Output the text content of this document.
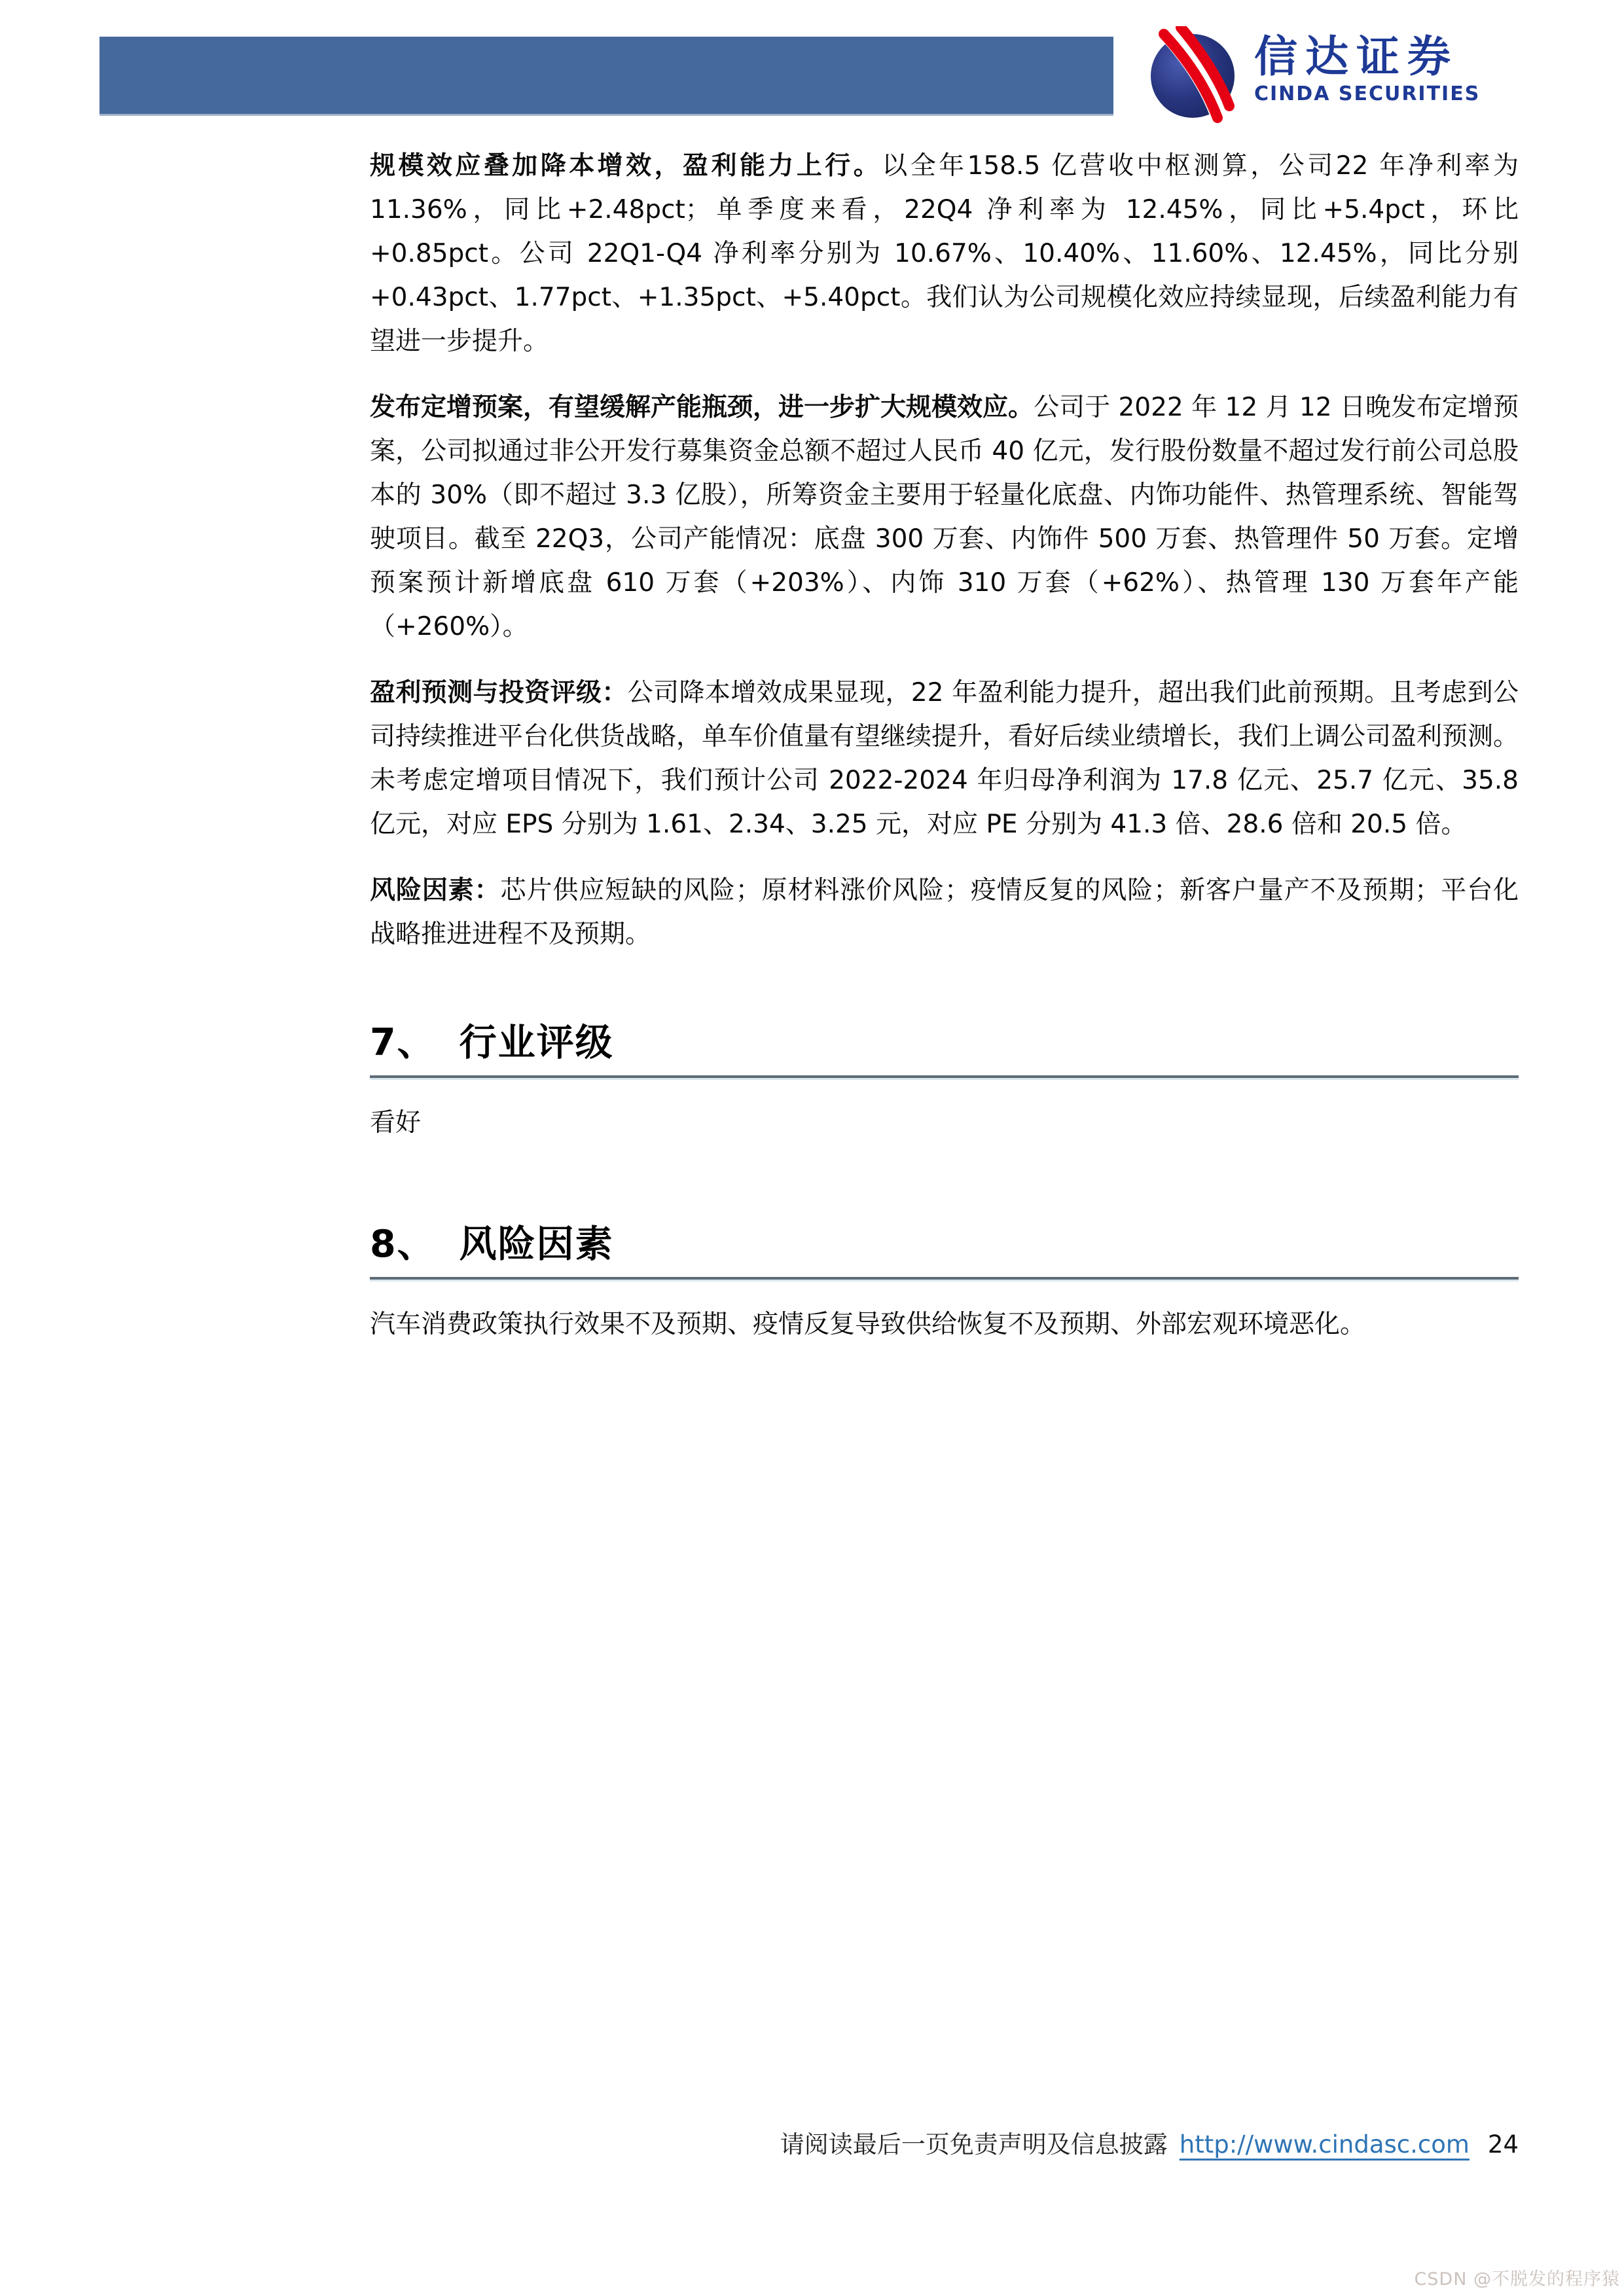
信达证券
CINDA SECURITIES

规模效应叠加降本增效，盈利能力上行。以全年158.5 亿营收中枢测算，公司22 年净利率为 11.36%，同比+2.48pct；单季度来看，22Q4 净利率为 12.45%，同比+5.4pct，环比+0.85pct。公司 22Q1-Q4 净利率分别为 10.67%、10.40%、11.60%、12.45%，同比分别+0.43pct、1.77pct、+1.35pct、+5.40pct。我们认为公司规模化效应持续显现，后续盈利能力有望进一步提升。

发布定增预案，有望缓解产能瓶颈，进一步扩大规模效应。公司于 2022 年 12 月 12 日晚发布定增预案，公司拟通过非公开发行募集资金总额不超过人民币 40 亿元，发行股份数量不超过发行前公司总股本的 30%（即不超过 3.3 亿股），所筹资金主要用于轻量化底盘、内饰功能件、热管理系统、智能驾驶项目。截至 22Q3，公司产能情况：底盘 300 万套、内饰件 500 万套、热管理件 50 万套。定增预案预计新增底盘 610 万套（+203%）、内饰 310 万套（+62%）、热管理 130 万套年产能（+260%）。

盈利预测与投资评级：公司降本增效成果显现，22 年盈利能力提升，超出我们此前预期。且考虑到公司持续推进平台化供货战略，单车价值量有望继续提升，看好后续业绩增长，我们上调公司盈利预测。未考虑定增项目情况下，我们预计公司 2022-2024 年归母净利润为 17.8 亿元、25.7 亿元、35.8 亿元，对应 EPS 分别为 1.61、2.34、3.25 元，对应 PE 分别为 41.3 倍、28.6 倍和 20.5 倍。

风险因素：芯片供应短缺的风险；原材料涨价风险；疫情反复的风险；新客户量产不及预期；平台化战略推进进程不及预期。

7、 行业评级
看好
8、 风险因素
汽车消费政策执行效果不及预期、疫情反复导致供给恢复不及预期、外部宏观环境恶化。
请阅读最后一页免责声明及信息披露 http://www.cindasc.com 24
CSDN @不脱发的程序猿
